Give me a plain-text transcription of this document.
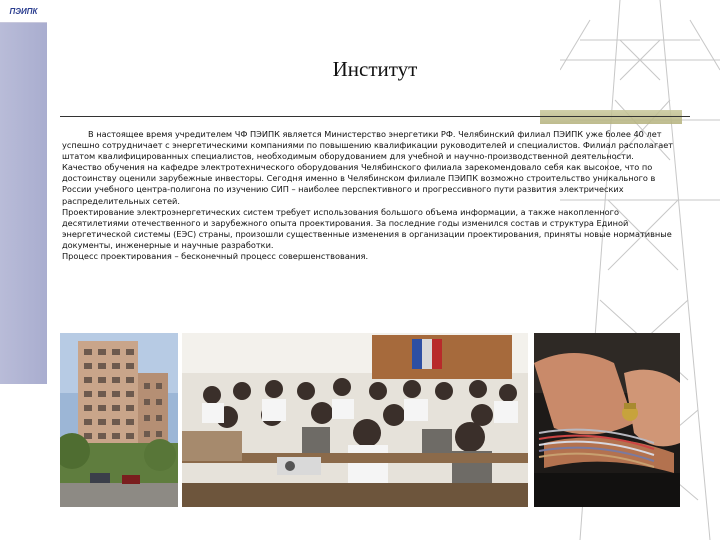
ПЭИПК
Институт

В настоящее время учредителем ЧФ ПЭИПК является Министерство энергетики РФ. Челябинский филиал ПЭИПК уже более 40 лет успешно сотрудничает с энергетическими компаниями по повышению квалификации руководителей и специалистов. Филиал располагает штатом квалифицированных специалистов, необходимым оборудованием для учебной и научно-производственной деятельности.

Качество обучения на кафедре электротехнического оборудования Челябинского филиала зарекомендовало себя как высокое, что по достоинству оценили зарубежные инвесторы. Сегодня именно в Челябинском филиале ПЭИПК возможно строительство уникального в России учебного центра-полигона по изучению СИП – наиболее перспективного и прогрессивного пути развития электрических распределительных сетей.

Проектирование электроэнергетических систем требует использования большого объема информации, а также накопленного десятилетиями отечественного и зарубежного опыта проектирования. За последние годы изменился состав и структура Единой энергетической системы (ЕЭС) страны, произошли существенные изменения в организации проектирования, приняты новые нормативные документы, инженерные и научные разработки.

Процесс проектирования – бесконечный процесс совершенствования.
